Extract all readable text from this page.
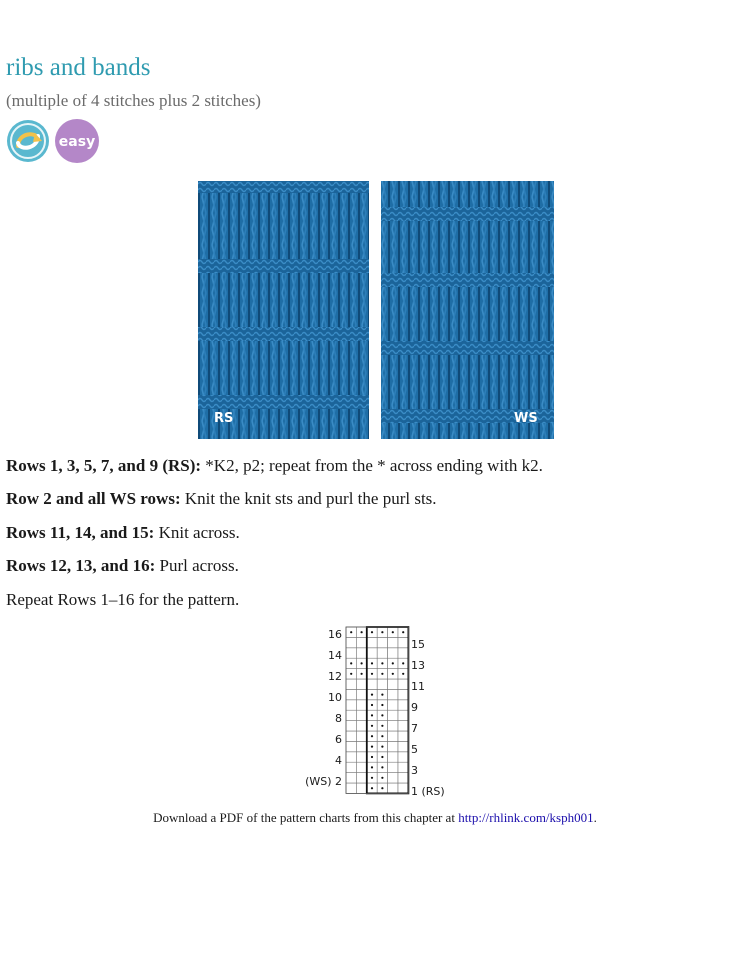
ribs and bands
(multiple of 4 stitches plus 2 stitches)
easy
RS	WS
Rows 1, 3, 5, 7, and 9 (RS): *K2, p2; repeat from the * across ending with k2.
Row 2 and all WS rows: Knit the knit sts and purl the purl sts.
Rows 11, 14, and 15: Knit across.
Rows 12, 13, and 16: Purl across.
Repeat Rows 1–16 for the pattern.
16
14
12
10
8
6
4
(WS) 2
15
13
11
9
7
5
3
1 (RS)
Download a PDF of the pattern charts from this chapter at http://rhlink.com/ksph001.
